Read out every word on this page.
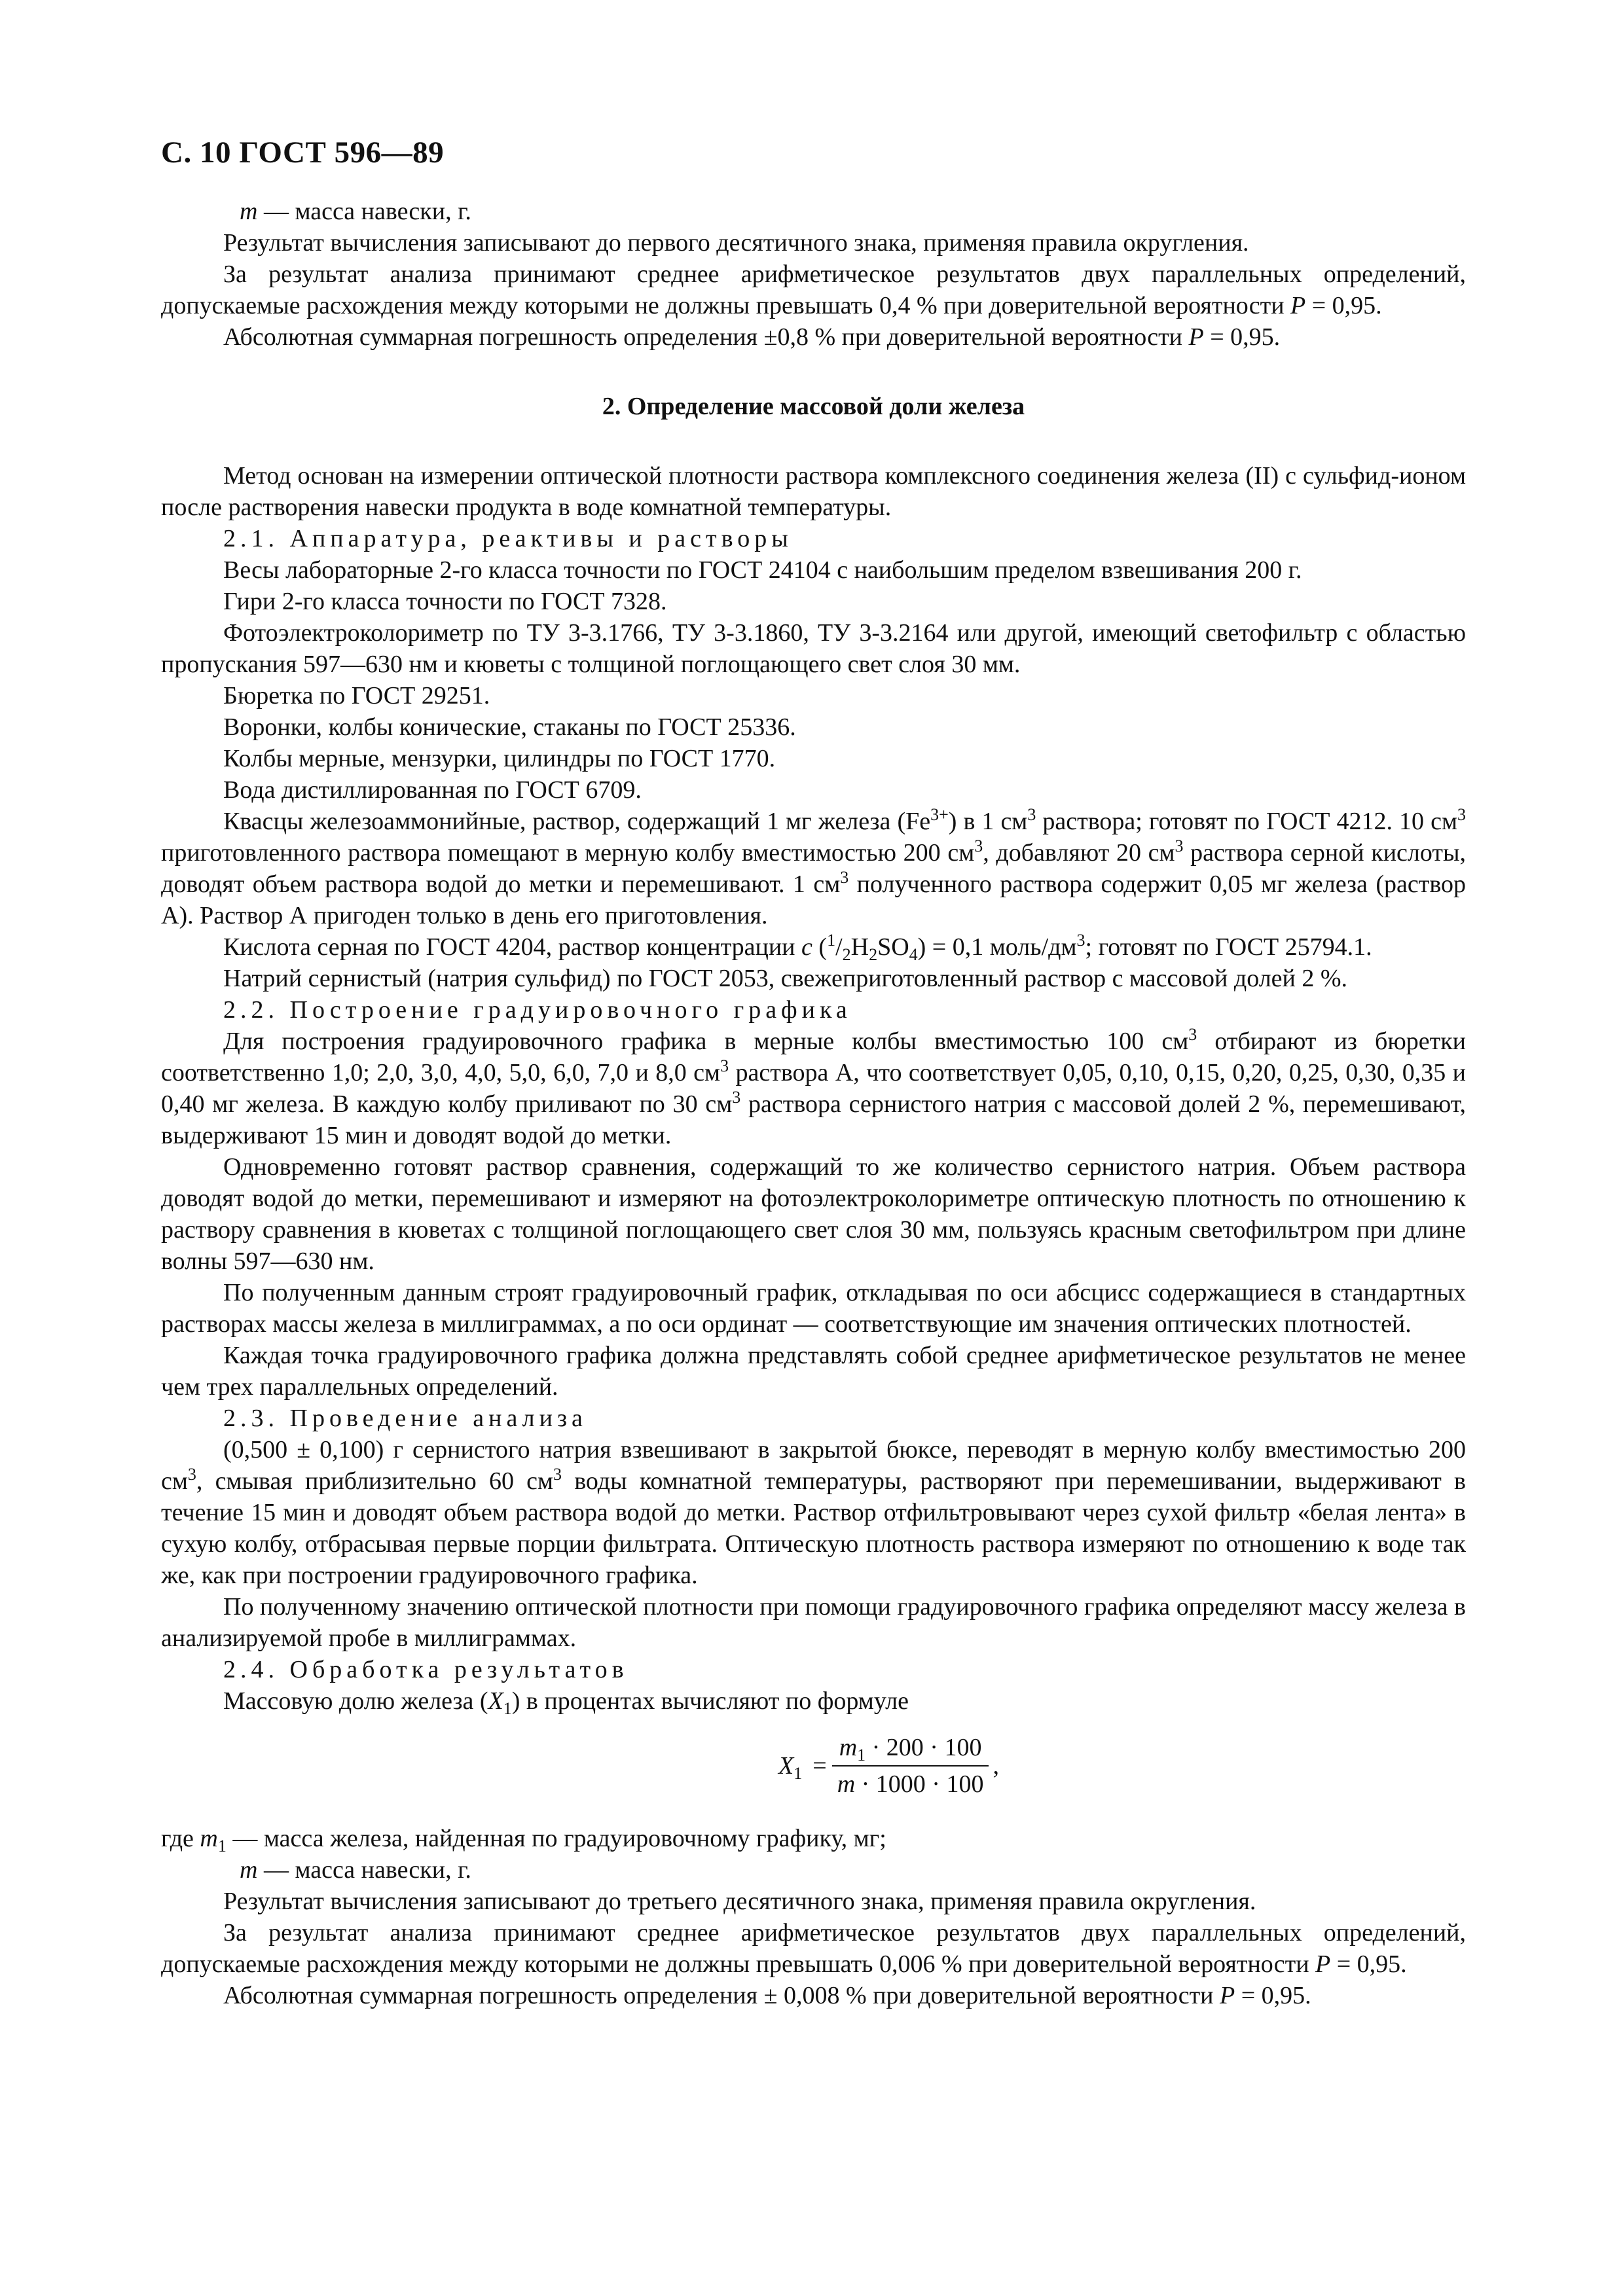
С. 10 ГОСТ 596—89

m — масса навески, г.

Результат вычисления записывают до первого десятичного знака, применяя правила округления.

За результат анализа принимают среднее арифметическое результатов двух параллельных определений, допускаемые расхождения между которыми не должны превышать 0,4 % при доверительной вероятности P = 0,95.

Абсолютная суммарная погрешность определения ±0,8 % при доверительной вероятности P = 0,95.

2. Определение массовой доли железа

Метод основан на измерении оптической плотности раствора комплексного соединения железа (II) с сульфид-ионом после растворения навески продукта в воде комнатной температуры.

2.1. Аппаратура, реактивы и растворы

Весы лабораторные 2-го класса точности по ГОСТ 24104 с наибольшим пределом взвешивания 200 г.

Гири 2-го класса точности по ГОСТ 7328.

Фотоэлектроколориметр по ТУ 3-3.1766, ТУ 3-3.1860, ТУ 3-3.2164 или другой, имеющий светофильтр с областью пропускания 597—630 нм и кюветы с толщиной поглощающего свет слоя 30 мм.

Бюретка по ГОСТ 29251.

Воронки, колбы конические, стаканы по ГОСТ 25336.

Колбы мерные, мензурки, цилиндры по ГОСТ 1770.

Вода дистиллированная по ГОСТ 6709.

Квасцы железоаммонийные, раствор, содержащий 1 мг железа $(Fe^{3+})$ в 1 $см^3$ раствора; готовят по ГОСТ 4212. 10 $см^3$ приготовленного раствора помещают в мерную колбу вместимостью 200 $см^3$, добавляют 20 $см^3$ раствора серной кислоты, доводят объем раствора водой до метки и перемешивают. 1 $см^3$ полученного раствора содержит 0,05 мг железа (раствор А). Раствор А пригоден только в день его приготовления.

Кислота серная по ГОСТ 4204, раствор концентрации c $(^1/_2H_2SO_4) = 0,1$ моль/$дм^3$; готовят по ГОСТ 25794.1.

Натрий сернистый (натрия сульфид) по ГОСТ 2053, свежеприготовленный раствор с массовой долей 2 %.

2.2. Построение градуировочного графика

Для построения градуировочного графика в мерные колбы вместимостью 100 $см^3$ отбирают из бюретки соответственно 1,0; 2,0, 3,0, 4,0, 5,0, 6,0, 7,0 и 8,0 $см^3$ раствора А, что соответствует 0,05, 0,10, 0,15, 0,20, 0,25, 0,30, 0,35 и 0,40 мг железа. В каждую колбу приливают по 30 $см^3$ раствора сернистого натрия с массовой долей 2 %, перемешивают, выдерживают 15 мин и доводят водой до метки.

Одновременно готовят раствор сравнения, содержащий то же количество сернистого натрия. Объем раствора доводят водой до метки, перемешивают и измеряют на фотоэлектроколориметре оптическую плотность по отношению к раствору сравнения в кюветах с толщиной поглощающего свет слоя 30 мм, пользуясь красным светофильтром при длине волны 597—630 нм.

По полученным данным строят градуировочный график, откладывая по оси абсцисс содержащиеся в стандартных растворах массы железа в миллиграммах, а по оси ординат — соответствующие им значения оптических плотностей.

Каждая точка градуировочного графика должна представлять собой среднее арифметическое результатов не менее чем трех параллельных определений.

2.3. Проведение анализа

(0,500 ± 0,100) г сернистого натрия взвешивают в закрытой бюксе, переводят в мерную колбу вместимостью 200 $см^3$, смывая приблизительно 60 $см^3$ воды комнатной температуры, растворяют при перемешивании, выдерживают в течение 15 мин и доводят объем раствора водой до метки. Раствор отфильтровывают через сухой фильтр «белая лента» в сухую колбу, отбрасывая первые порции фильтрата. Оптическую плотность раствора измеряют по отношению к воде так же, как при построении градуировочного графика.

По полученному значению оптической плотности при помощи градуировочного графика определяют массу железа в анализируемой пробе в миллиграммах.

2.4. Обработка результатов

Массовую долю железа $(X_1)$ в процентах вычисляют по формуле

$X_1 = \frac{m_1 \cdot 200 \cdot 100}{m \cdot 1000 \cdot 100}$ ,

где $m_1$ — масса железа, найденная по градуировочному графику, мг;

m — масса навески, г.

Результат вычисления записывают до третьего десятичного знака, применяя правила округления.

За результат анализа принимают среднее арифметическое результатов двух параллельных определений, допускаемые расхождения между которыми не должны превышать 0,006 % при доверительной вероятности P = 0,95.

Абсолютная суммарная погрешность определения ± 0,008 % при доверительной вероятности P = 0,95.
